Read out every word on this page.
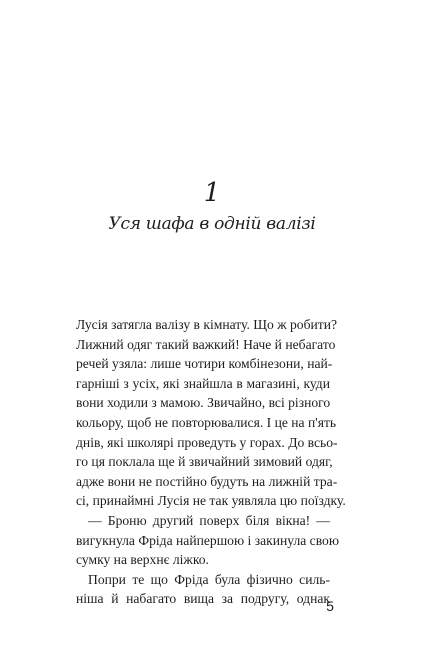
1
Уся шафа в одній валізі
Лусія затягла валізу в кімнату. Що ж робити?
Лижний одяг такий важкий! Наче й небагато
речей узяла: лише чотири комбінезони, най-
гарніші з усіх, які знайшла в магазині, куди
вони ходили з мамою. Звичайно, всі різного
кольору, щоб не повторювалися. І це на п'ять
днів, які школярі проведуть у горах. До всьо-
го ця поклала ще й звичайний зимовий одяг,
адже вони не постійно будуть на лижній тра-
сі, принаймні Лусія не так уявляла цю поїздку.
— Броню другий поверх біля вікна! —
вигукнула Фріда найпершою і закинула свою
сумку на верхнє ліжко.
Попри те що Фріда була фізично силь-
ніша й набагато вища за подругу, однак
5
